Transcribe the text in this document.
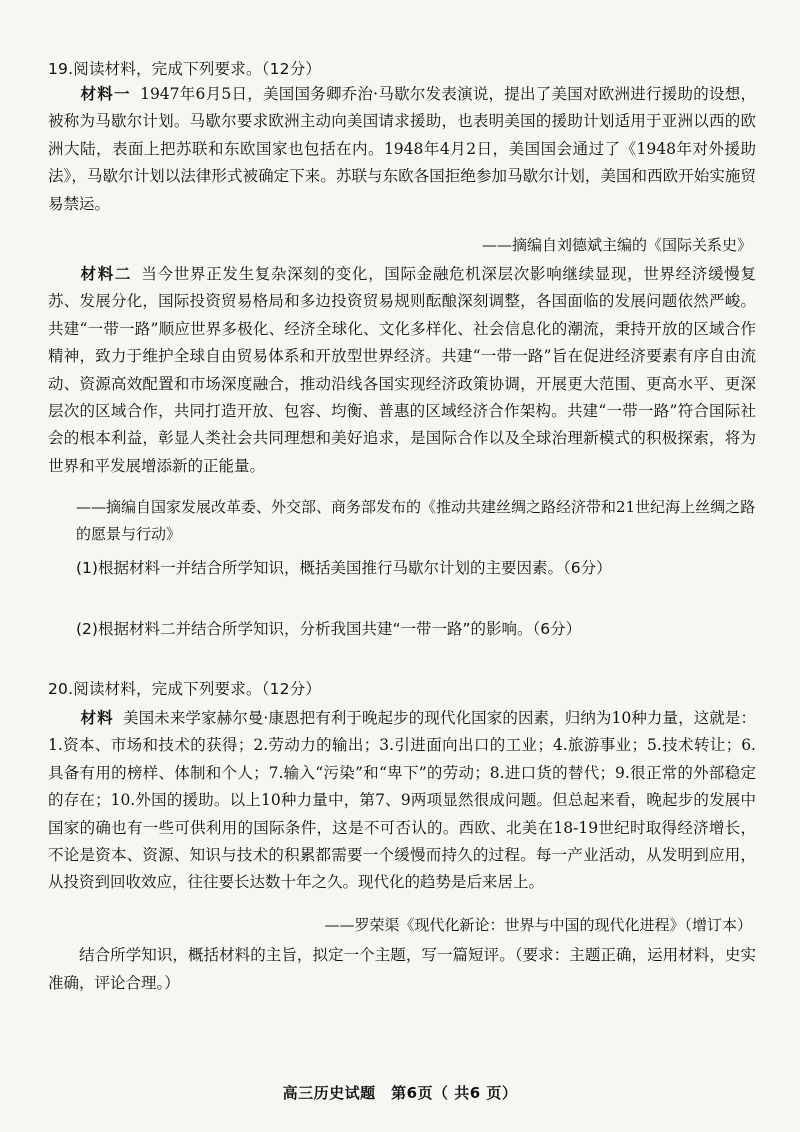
19.阅读材料，完成下列要求。（12分）
材料一 1947年6月5日，美国国务卿乔治·马歇尔发表演说，提出了美国对欧洲进行援助的设想，被称为马歇尔计划。马歇尔要求欧洲主动向美国请求援助，也表明美国的援助计划适用于亚洲以西的欧洲大陆，表面上把苏联和东欧国家也包括在内。1948年4月2日，美国国会通过了《1948年对外援助法》，马歇尔计划以法律形式被确定下来。苏联与东欧各国拒绝参加马歇尔计划，美国和西欧开始实施贸易禁运。
——摘编自刘德斌主编的《国际关系史》
材料二 当今世界正发生复杂深刻的变化，国际金融危机深层次影响继续显现，世界经济缓慢复苏、发展分化，国际投资贸易格局和多边投资贸易规则酝酿深刻调整，各国面临的发展问题依然严峻。共建“一带一路”顺应世界多极化、经济全球化、文化多样化、社会信息化的潮流，秉持开放的区域合作精神，致力于维护全球自由贸易体系和开放型世界经济。共建“一带一路”旨在促进经济要素有序自由流动、资源高效配置和市场深度融合，推动沿线各国实现经济政策协调，开展更大范围、更高水平、更深层次的区域合作，共同打造开放、包容、均衡、普惠的区域经济合作架构。共建“一带一路”符合国际社会的根本利益，彰显人类社会共同理想和美好追求，是国际合作以及全球治理新模式的积极探索，将为世界和平发展增添新的正能量。
——摘编自国家发展改革委、外交部、商务部发布的《推动共建丝绸之路经济带和21世纪海上丝绸之路的愿景与行动》
(1)根据材料一并结合所学知识，概括美国推行马歇尔计划的主要因素。（6分）
(2)根据材料二并结合所学知识，分析我国共建“一带一路”的影响。（6分）
20.阅读材料，完成下列要求。（12分）
材料 美国未来学家赫尔曼·康恩把有利于晚起步的现代化国家的因素，归纳为10种力量，这就是：1.资本、市场和技术的获得；2.劳动力的输出；3.引进面向出口的工业；4.旅游事业；5.技术转让；6.具备有用的榜样、体制和个人；7.输入“污染”和“卑下”的劳动；8.进口货的替代；9.很正常的外部稳定的存在；10.外国的援助。以上10种力量中，第7、9两项显然很成问题。但总起来看，晚起步的发展中国家的确也有一些可供利用的国际条件，这是不可否认的。西欧、北美在18-19世纪时取得经济增长，不论是资本、资源、知识与技术的积累都需要一个缓慢而持久的过程。每一产业活动，从发明到应用，从投资到回收效应，往往要长达数十年之久。现代化的趋势是后来居上。
——罗荣渠《现代化新论：世界与中国的现代化进程》（增订本）
结合所学知识，概括材料的主旨，拟定一个主题，写一篇短评。（要求：主题正确，运用材料，史实准确，评论合理。）
高三历史试题　第6页（ 共6 页）
